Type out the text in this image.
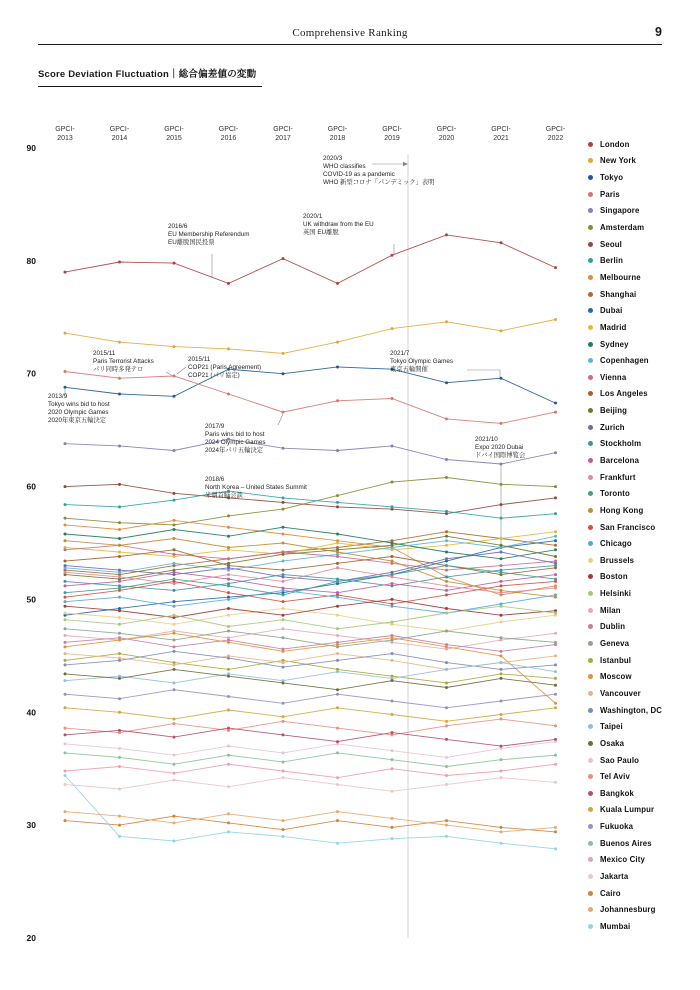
Comprehensive Ranking	9
Score Deviation Fluctuation｜総合偏差値の変動
GPCI-
2013
GPCI-
2014
GPCI-
2015
GPCI-
2016
GPCI-
2017
GPCI-
2018
GPCI-
2019
GPCI-
2020
GPCI-
2021
GPCI-
2022
90
80
70
60
50
40
30
20
2020/3
WHO classifies
COVID-19 as a pandemic
WHO 新型コロナ「パンデミック」表明
2016/6
EU Membership Referendum
EU離脱国民投票
2020/1
UK withdraw from the EU
英国 EU離脱
2015/11
Paris Terrorist Attacks
パリ同時多発テロ
2015/11
COP21 (Paris Agreement)
COP21 (パリ協定)
2021/7
Tokyo Olympic Games
東京五輪開催
2013/9
Tokyo wins bid to host
2020 Olympic Games
2020年東京五輪決定
2017/9
Paris wins bid to host
2024 Olympic Games
2024年パリ五輪決定
2018/6
North Korea – United States Summit
米朝首脳会談
2021/10
Expo 2020 Dubai
ドバイ国際博覧会
London
New York
Tokyo
Paris
Singapore
Amsterdam
Seoul
Berlin
Melbourne
Shanghai
Dubai
Madrid
Sydney
Copenhagen
Vienna
Los Angeles
Beijing
Zurich
Stockholm
Barcelona
Frankfurt
Toronto
Hong Kong
San Francisco
Chicago
Brussels
Boston
Helsinki
Milan
Dublin
Geneva
Istanbul
Moscow
Vancouver
Washington, DC
Taipei
Osaka
Sao Paulo
Tel Aviv
Bangkok
Kuala Lumpur
Fukuoka
Buenos Aires
Mexico City
Jakarta
Cairo
Johannesburg
Mumbai
